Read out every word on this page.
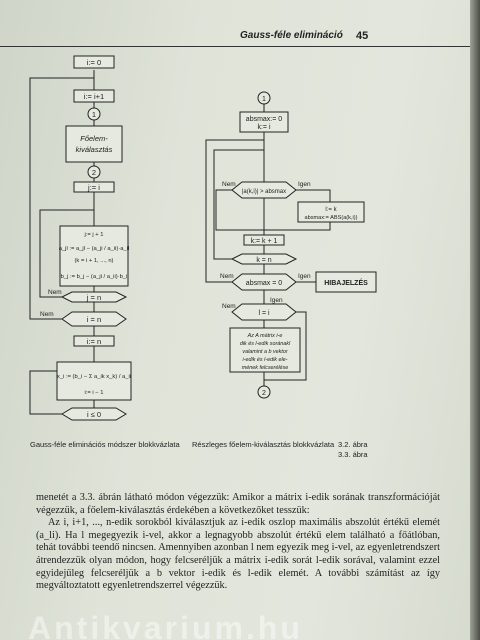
Gauss-féle elimináció 45
i:= 0
i:= i+1
1
Főelem-
kiválasztás
2
j:= i
j:= j + 1
a_jl := a_jl − (a_ji / a_ii)·a_il
(k = i + 1, ..., n)
b_j := b_j − (a_ji / a_ii)·b_i
j = n
i = n
i:= n
x_i := (b_i − Σ a_ik x_k) / a_ii
i:= i − 1
i ≤ 0
Nem
Nem
1
absmax:= 0
k:= i
|a(k,i)| > absmax
l:= k
absmax:= ABS(a(k,i))
k:= k + 1
k = n
absmax = 0	HIBAJELZÉS
l = i
Az A mátrix i-e
dik és l-edik soránakl
valamint a b vektor
i-edik és l-edik ele-
mének felcserélése
2
Nem	Igen
Nem	Igen
Nem
Igen
Gauss-féle eliminációs módszer blokkvázlata Részleges főelem-kiválasztás blokkvázlata 3.2. ábra
3.3. ábra

menetét a 3.3. ábrán látható módon végezzük: Amikor a mátrix i-edik sorának transzformációját végezzük, a főelem-kiválasztás érdekében a következőket tesszük:

Az i, i+1, ..., n-edik sorokból kiválasztjuk az i-edik oszlop maximális abszolút értékű elemét (a_li). Ha l megegyezik i-vel, akkor a legnagyobb abszolút értékű elem található a főátlóban, tehát további teendő nincsen. Amennyiben azonban l nem egyezik meg i-vel, az egyenletrendszert átrendezzük olyan módon, hogy felcseréljük a mátrix i-edik sorát l-edik sorával, valamint ezzel egyidejűleg felcseréljük a b vektor i-edik és l-edik elemét. A további számítást az így megváltoztatott egyenletrendszerrel végezzük.

Antikvarium.hu
